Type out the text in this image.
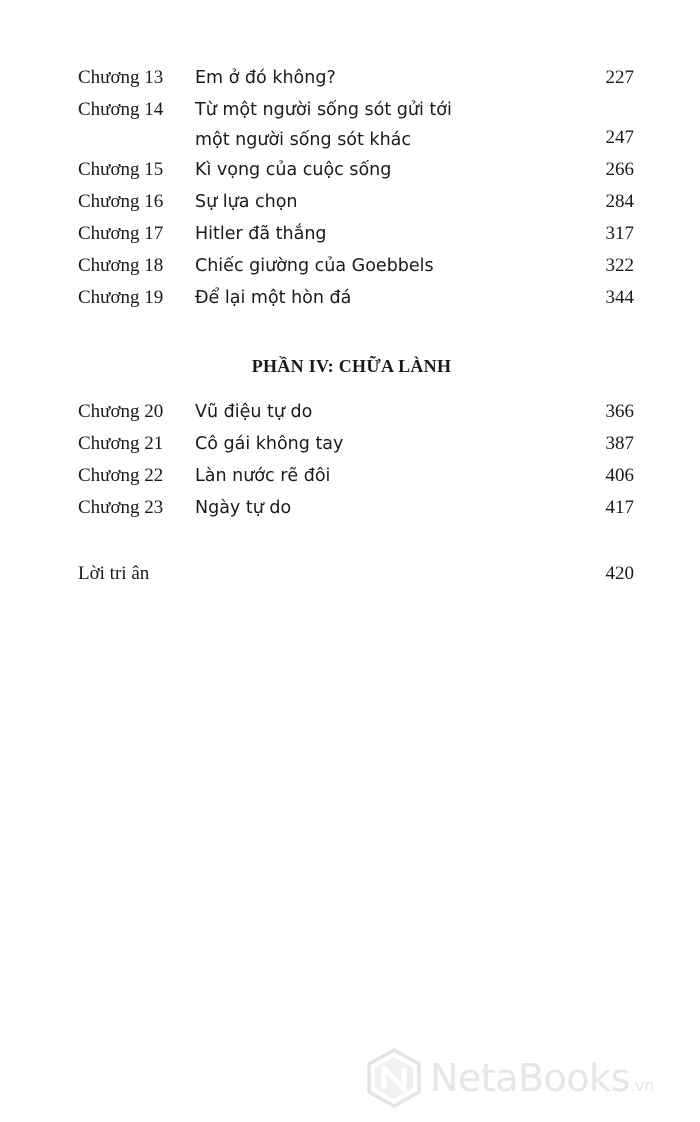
Chương 13 Em ở đó không?	227
Chương 14 Từ một người sống sót gửi tới
một người sống sót khác	247
Chương 15 Kì vọng của cuộc sống	266
Chương 16 Sự lựa chọn	284
Chương 17 Hitler đã thắng	317
Chương 18 Chiếc giường của Goebbels	322
Chương 19 Để lại một hòn đá	344
PHẦN IV: CHỮA LÀNH
Chương 20 Vũ điệu tự do	366
Chương 21 Cô gái không tay	387
Chương 22 Làn nước rẽ đôi	406
Chương 23 Ngày tự do	417
Lời tri ân	420
NetaBooks.vn
